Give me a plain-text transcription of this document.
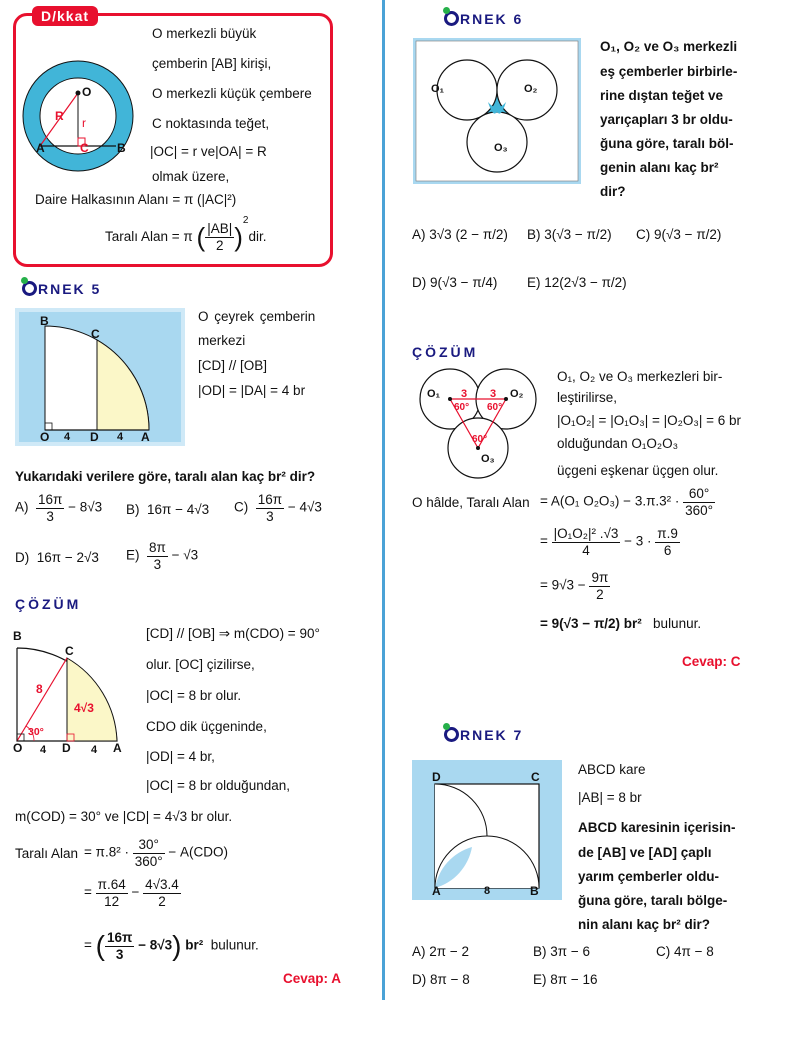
D/kkat
O
R r
A	C B
O merkezli büyük
çemberin [AB] kirişi,
O merkezli küçük çembere
C noktasında teğet,
|OC| = r ve|OA| = R
olmak üzere,
Daire Halkasının Alanı = π (|AC|²)
Taralı Alan = π ( $\frac{|AB|}{2} )^2dir$.
RNEK 5
B
C
O 4 D 4 A
O çeyrek çemberin
merkezi
[CD] // [OB]
|OD| = |DA| = 4 br
Yukarıdaki verilere göre, taralı alan kaç br² dir?
$A) \frac{16\pi}{3} - 8√3$ B) 16π − 4√3 $C) \frac{16\pi}{3} - 4√3$
D) 16π − 2√3 $E) \frac{8\pi}{3} - √3$
ÇÖZÜM
B
C
8
4√3
30°
O 4 D 4 A
[CD] // [OB] ⇒ m(CDO) = 90°
olur. [OC] çizilirse,
|OC| = 8 br olur.
CDO dik üçgeninde,
|OD| = 4 br,
|OC| = 8 br olduğundan,
m(COD) = 30° ve |CD| = 4√3 br olur.
Taralı Alan = $\pi.8^2 \cdot \frac{30^\circ}{360^\circ} - A(CDO)$
= $\frac{\pi.64}{12} - \frac{4√3.4}{2}$
= ( $\frac{16\pi}{3} - 8√3$) br² bulunur.
Cevap: A
RNEK 6
O₁	O₂
O₃
O₁, O₂ ve O₃ merkezli
eş çemberler birbirle-
rine dıştan teğet ve
yarıçapları 3 br oldu-
ğuna göre, taralı böl-
genin alanı kaç br²
dir?
A) 3√3 (2 − π/2) B) 3(√3 − π/2) C) 9(√3 − π/2)
D) 9(√3 − π/4) E) 12(2√3 − π/2)
ÇÖZÜM
O₁	O₂
O₃
3 3
60° 60°
60°
O₁, O₂ ve O₃ merkezleri bir-
leştirilirse,
|O₁O₂| = |O₁O₃| = |O₂O₃| = 6 br
olduğundan O₁O₂O₃
üçgeni eşkenar üçgen olur.
O hâlde, Taralı Alan = A(O₁ $O_2O_3) - 3.\pi.3^2 \cdot \frac{60^\circ}{360^\circ}$
= $\frac{\text{|O₁O₂|² .√3}}{4} - 3 \cdot \frac{\pi.9}{6}$
= $9√3 - \frac{9\pi}{2}$
= 9(√3 − π/2) br² bulunur.
Cevap: C
RNEK 7
D	C
A	8	B
ABCD kare
|AB| = 8 br
ABCD karesinin içerisin-
de [AB] ve [AD] çaplı
yarım çemberler oldu-
ğuna göre, taralı bölge-
nin alanı kaç br² dir?
A) 2π − 2	B) 3π − 6	C) 4π − 8
D) 8π − 8	E) 8π − 16
